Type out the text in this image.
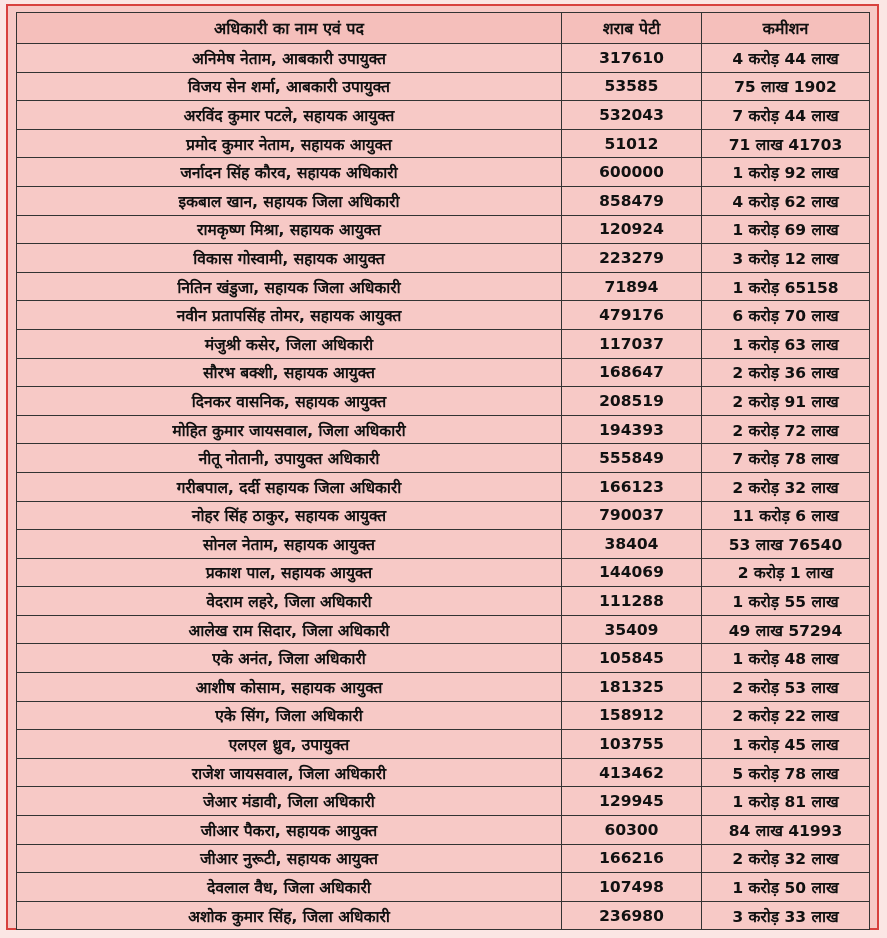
अधिकारी का नाम एवं पद	शराब पेटी	कमीशन
अनिमेष नेताम, आबकारी उपायुक्त	317610	4 करोड़ 44 लाख
विजय सेन शर्मा, आबकारी उपायुक्त	53585	75 लाख 1902
अरविंद कुमार पटले, सहायक आयुक्त	532043	7 करोड़ 44 लाख
प्रमोद कुमार नेताम, सहायक आयुक्त	51012	71 लाख 41703
जर्नादन सिंह कौरव, सहायक अधिकारी	600000	1 करोड़ 92 लाख
इकबाल खान, सहायक जिला अधिकारी	858479	4 करोड़ 62 लाख
रामकृष्ण मिश्रा, सहायक आयुक्त	120924	1 करोड़ 69 लाख
विकास गोस्वामी, सहायक आयुक्त	223279	3 करोड़ 12 लाख
नितिन खंडुजा, सहायक जिला अधिकारी	71894	1 करोड़ 65158
नवीन प्रतापसिंह तोमर, सहायक आयुक्त	479176	6 करोड़ 70 लाख
मंजुश्री कसेर, जिला अधिकारी	117037	1 करोड़ 63 लाख
सौरभ बक्शी, सहायक आयुक्त	168647	2 करोड़ 36 लाख
दिनकर वासनिक, सहायक आयुक्त	208519	2 करोड़ 91 लाख
मोहित कुमार जायसवाल, जिला अधिकारी	194393	2 करोड़ 72 लाख
नीतू नोतानी, उपायुक्त अधिकारी	555849	7 करोड़ 78 लाख
गरीबपाल, दर्दी सहायक जिला अधिकारी	166123	2 करोड़ 32 लाख
नोहर सिंह ठाकुर, सहायक आयुक्त	790037	11 करोड़ 6 लाख
सोनल नेताम, सहायक आयुक्त	38404	53 लाख 76540
प्रकाश पाल, सहायक आयुक्त	144069	2 करोड़ 1 लाख
वेदराम लहरे, जिला अधिकारी	111288	1 करोड़ 55 लाख
आलेख राम सिदार, जिला अधिकारी	35409	49 लाख 57294
एके अनंत, जिला अधिकारी	105845	1 करोड़ 48 लाख
आशीष कोसाम, सहायक आयुक्त	181325	2 करोड़ 53 लाख
एके सिंग, जिला अधिकारी	158912	2 करोड़ 22 लाख
एलएल ध्रुव, उपायुक्त	103755	1 करोड़ 45 लाख
राजेश जायसवाल, जिला अधिकारी	413462	5 करोड़ 78 लाख
जेआर मंडावी, जिला अधिकारी	129945	1 करोड़ 81 लाख
जीआर पैकरा, सहायक आयुक्त	60300	84 लाख 41993
जीआर नुरूटी, सहायक आयुक्त	166216	2 करोड़ 32 लाख
देवलाल वैध, जिला अधिकारी	107498	1 करोड़ 50 लाख
अशोक कुमार सिंह, जिला अधिकारी	236980	3 करोड़ 33 लाख
